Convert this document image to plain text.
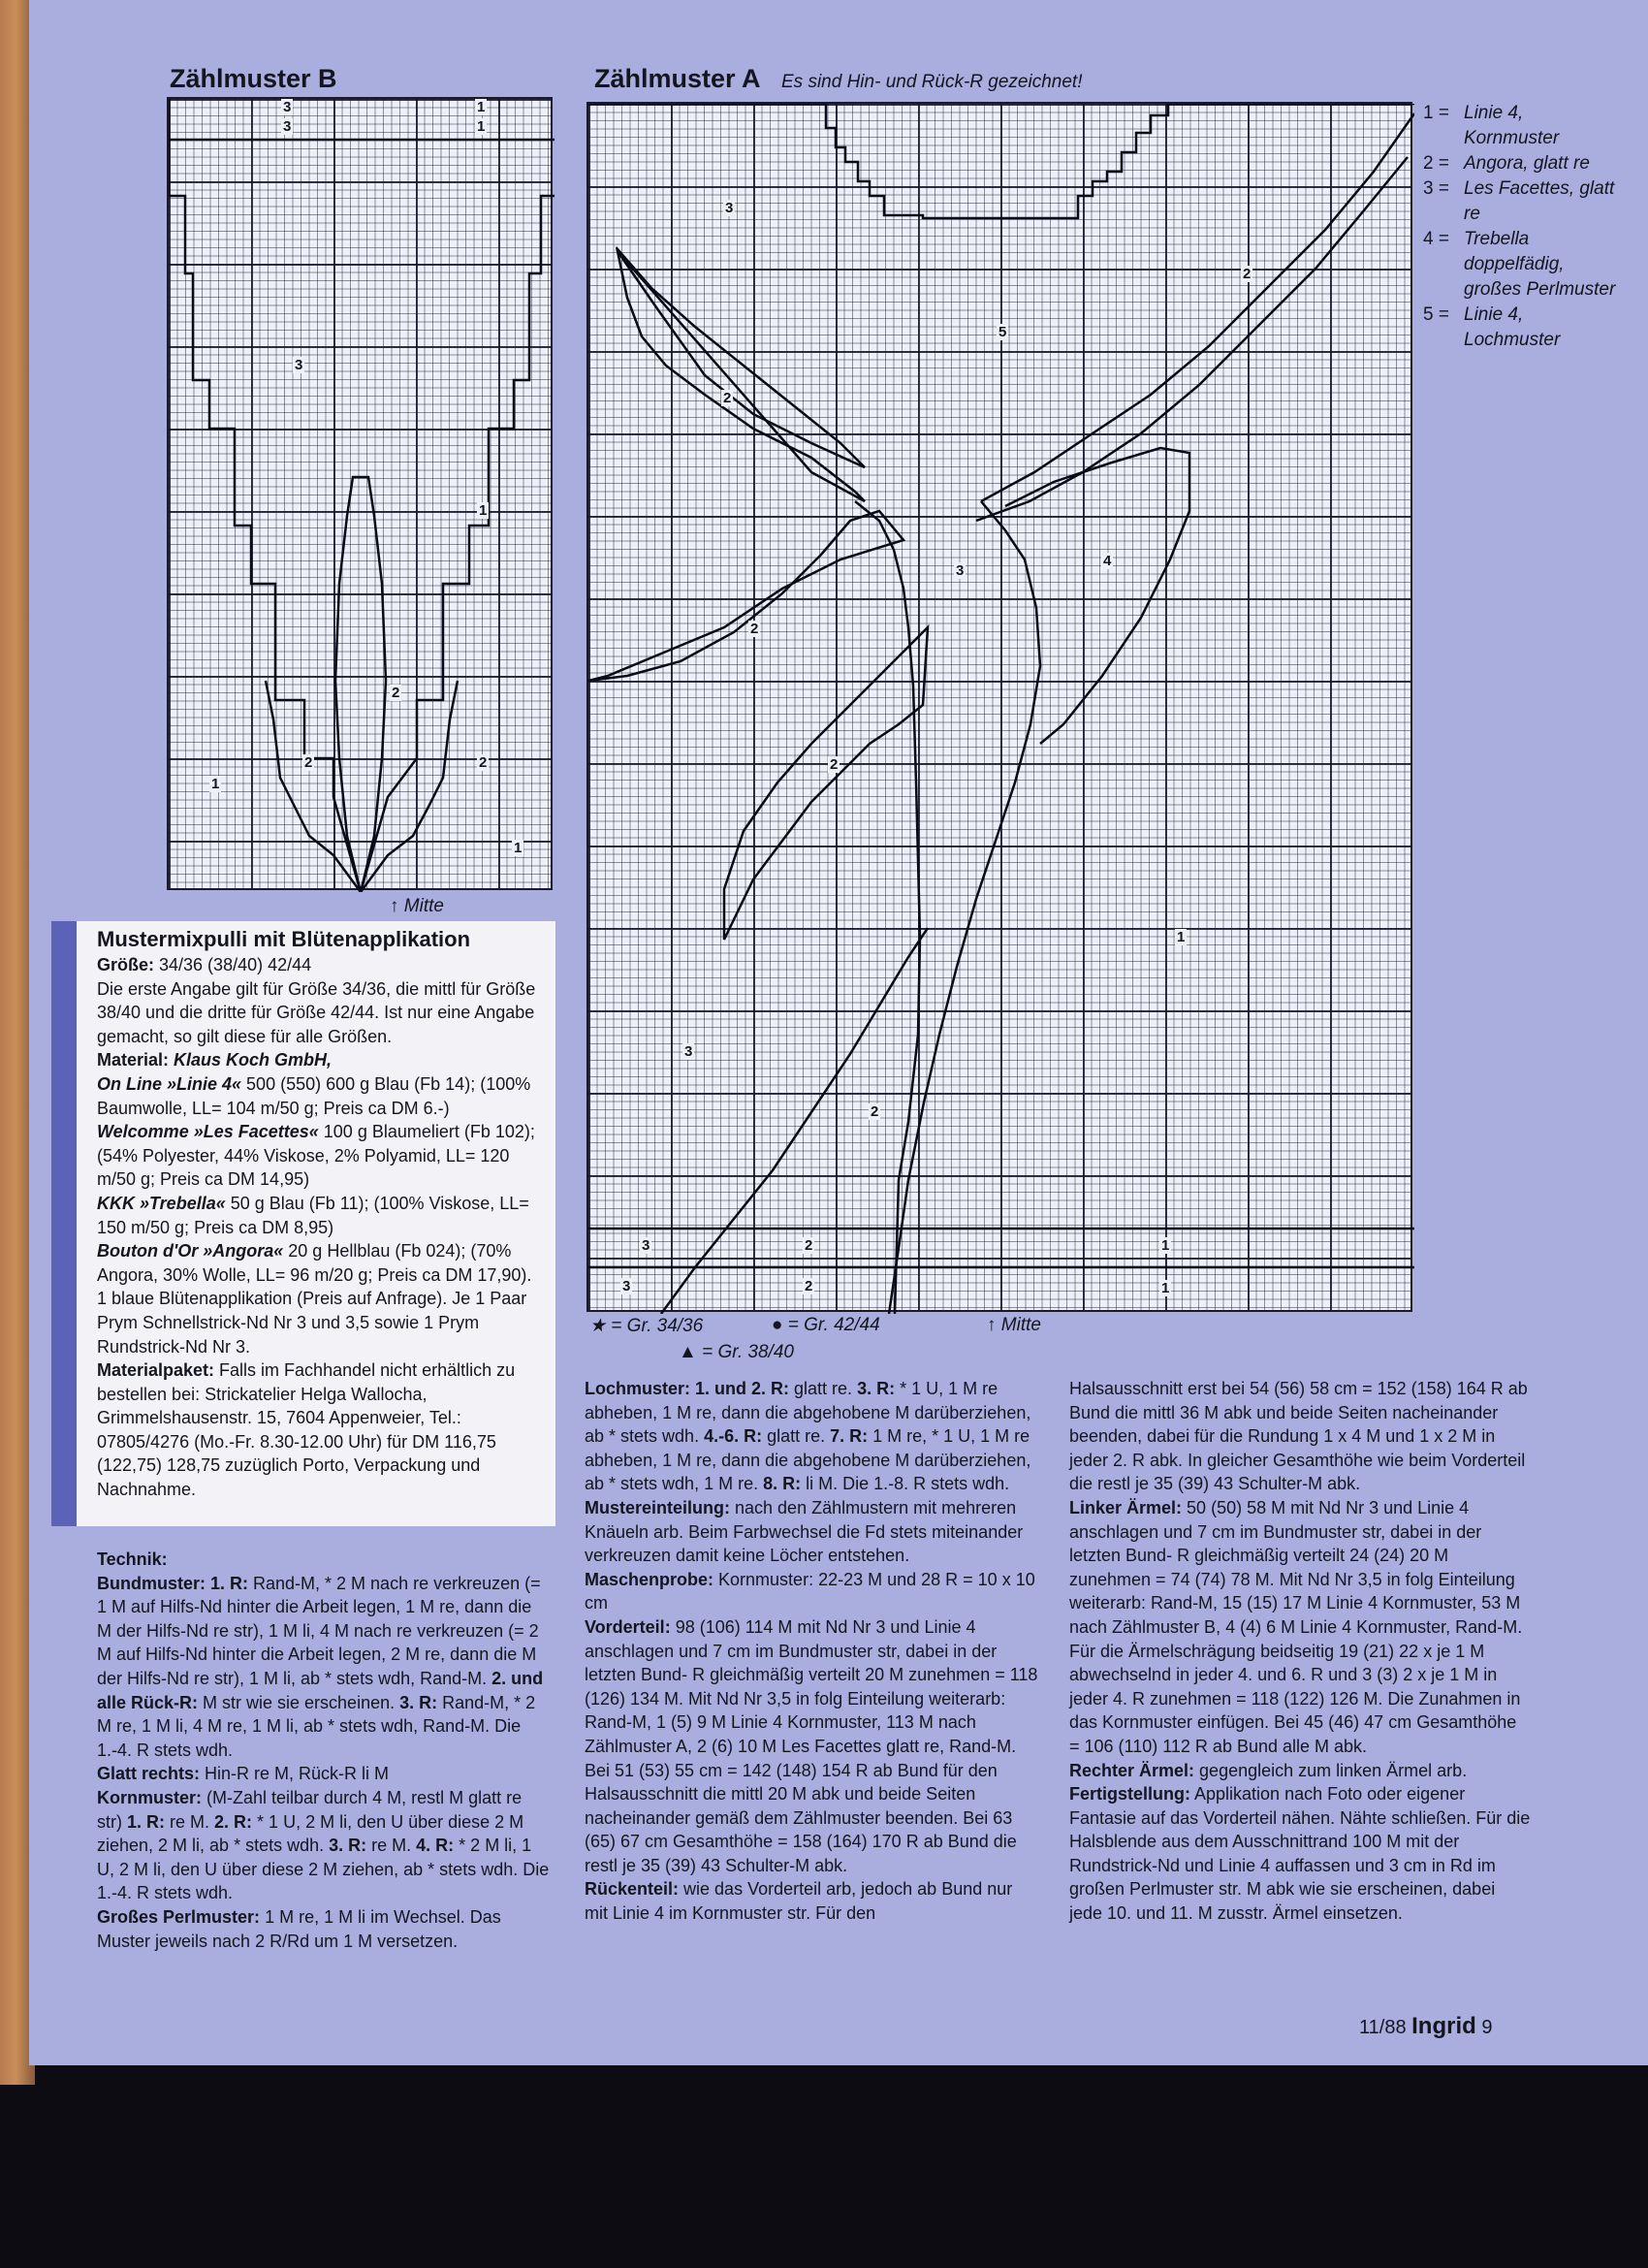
Zählmuster B
3
3
1
1
3
1
2
2	2
1
1
↑ Mitte
Zählmuster A Es sind Hin- und Rück-R gezeichnet!
3
2
5
2
2
3
4
2
2
1
3
2
3	1
3	2	1
1 = Linie 4, Kornmuster
2 = Angora, glatt re
3 = Les Facettes, glatt re
4 = Trebella doppelfädig, großes Perlmuster
5 = Linie 4, Lochmuster
★ = Gr. 34/36	● = Gr. 42/44
▲ = Gr. 38/40
↑ Mitte

Mustermixpulli mit Blütenapplikation

Größe: 34/36 (38/40) 42/44

Die erste Angabe gilt für Größe 34/36, die mittl für Größe 38/40 und die dritte für Größe 42/44. Ist nur eine Angabe gemacht, so gilt diese für alle Größen.

Material: Klaus Koch GmbH,

On Line »Linie 4« 500 (550) 600 g Blau (Fb 14); (100% Baumwolle, LL= 104 m/50 g; Preis ca DM 6.-)

Welcomme »Les Facettes« 100 g Blaumeliert (Fb 102); (54% Polyester, 44% Viskose, 2% Polyamid, LL= 120 m/50 g; Preis ca DM 14,95)

KKK »Trebella« 50 g Blau (Fb 11); (100% Viskose, LL= 150 m/50 g; Preis ca DM 8,95)

Bouton d'Or »Angora« 20 g Hellblau (Fb 024); (70% Angora, 30% Wolle, LL= 96 m/20 g; Preis ca DM 17,90).

1 blaue Blütenapplikation (Preis auf Anfrage). Je 1 Paar Prym Schnellstrick-Nd Nr 3 und 3,5 sowie 1 Prym Rundstrick-Nd Nr 3.

Materialpaket: Falls im Fachhandel nicht erhältlich zu bestellen bei: Strickatelier Helga Wallocha, Grimmelshausenstr. 15, 7604 Appenweier, Tel.: 07805/4276 (Mo.-Fr. 8.30-12.00 Uhr) für DM 116,75 (122,75) 128,75 zuzüglich Porto, Verpackung und Nachnahme.

Technik:

Bundmuster: 1. R: Rand-M, * 2 M nach re verkreuzen (= 1 M auf Hilfs-Nd hinter die Arbeit legen, 1 M re, dann die M der Hilfs-Nd re str), 1 M li, 4 M nach re verkreuzen (= 2 M auf Hilfs-Nd hinter die Arbeit legen, 2 M re, dann die M der Hilfs-Nd re str), 1 M li, ab * stets wdh, Rand-M. 2. und alle Rück-R: M str wie sie erscheinen. 3. R: Rand-M, * 2 M re, 1 M li, 4 M re, 1 M li, ab * stets wdh, Rand-M. Die 1.-4. R stets wdh.

Glatt rechts: Hin-R re M, Rück-R li M

Kornmuster: (M-Zahl teilbar durch 4 M, restl M glatt re str) 1. R: re M. 2. R: * 1 U, 2 M li, den U über diese 2 M ziehen, 2 M li, ab * stets wdh. 3. R: re M. 4. R: * 2 M li, 1 U, 2 M li, den U über diese 2 M ziehen, ab * stets wdh. Die 1.-4. R stets wdh.

Großes Perlmuster: 1 M re, 1 M li im Wechsel. Das Muster jeweils nach 2 R/Rd um 1 M versetzen.

Lochmuster: 1. und 2. R: glatt re. 3. R: * 1 U, 1 M re abheben, 1 M re, dann die abgehobene M darüberziehen, ab * stets wdh. 4.-6. R: glatt re. 7. R: 1 M re, * 1 U, 1 M re abheben, 1 M re, dann die abgehobene M darüberziehen, ab * stets wdh, 1 M re. 8. R: li M. Die 1.-8. R stets wdh.

Mustereinteilung: nach den Zählmustern mit mehreren Knäueln arb. Beim Farbwechsel die Fd stets miteinander verkreuzen damit keine Löcher entstehen.

Maschenprobe: Kornmuster: 22-23 M und 28 R = 10 x 10 cm

Vorderteil: 98 (106) 114 M mit Nd Nr 3 und Linie 4 anschlagen und 7 cm im Bundmuster str, dabei in der letzten Bund- R gleichmäßig verteilt 20 M zunehmen = 118 (126) 134 M. Mit Nd Nr 3,5 in folg Einteilung weiterarb: Rand-M, 1 (5) 9 M Linie 4 Kornmuster, 113 M nach Zählmuster A, 2 (6) 10 M Les Facettes glatt re, Rand-M. Bei 51 (53) 55 cm = 142 (148) 154 R ab Bund für den Halsausschnitt die mittl 20 M abk und beide Seiten nacheinander gemäß dem Zählmuster beenden. Bei 63 (65) 67 cm Gesamthöhe = 158 (164) 170 R ab Bund die restl je 35 (39) 43 Schulter-M abk.

Rückenteil: wie das Vorderteil arb, jedoch ab Bund nur mit Linie 4 im Kornmuster str. Für den

Halsausschnitt erst bei 54 (56) 58 cm = 152 (158) 164 R ab Bund die mittl 36 M abk und beide Seiten nacheinander beenden, dabei für die Rundung 1 x 4 M und 1 x 2 M in jeder 2. R abk. In gleicher Gesamthöhe wie beim Vorderteil die restl je 35 (39) 43 Schulter-M abk.

Linker Ärmel: 50 (50) 58 M mit Nd Nr 3 und Linie 4 anschlagen und 7 cm im Bundmuster str, dabei in der letzten Bund- R gleichmäßig verteilt 24 (24) 20 M zunehmen = 74 (74) 78 M. Mit Nd Nr 3,5 in folg Einteilung weiterarb: Rand-M, 15 (15) 17 M Linie 4 Kornmuster, 53 M nach Zählmuster B, 4 (4) 6 M Linie 4 Kornmuster, Rand-M. Für die Ärmelschrägung beidseitig 19 (21) 22 x je 1 M abwechselnd in jeder 4. und 6. R und 3 (3) 2 x je 1 M in jeder 4. R zunehmen = 118 (122) 126 M. Die Zunahmen in das Kornmuster einfügen. Bei 45 (46) 47 cm Gesamthöhe = 106 (110) 112 R ab Bund alle M abk.

Rechter Ärmel: gegengleich zum linken Ärmel arb.

Fertigstellung: Applikation nach Foto oder eigener Fantasie auf das Vorderteil nähen. Nähte schließen. Für die Halsblende aus dem Ausschnittrand 100 M mit der Rundstrick-Nd und Linie 4 auffassen und 3 cm in Rd im großen Perlmuster str. M abk wie sie erscheinen, dabei jede 10. und 11. M zusstr. Ärmel einsetzen.

11/88 Ingrid 9
